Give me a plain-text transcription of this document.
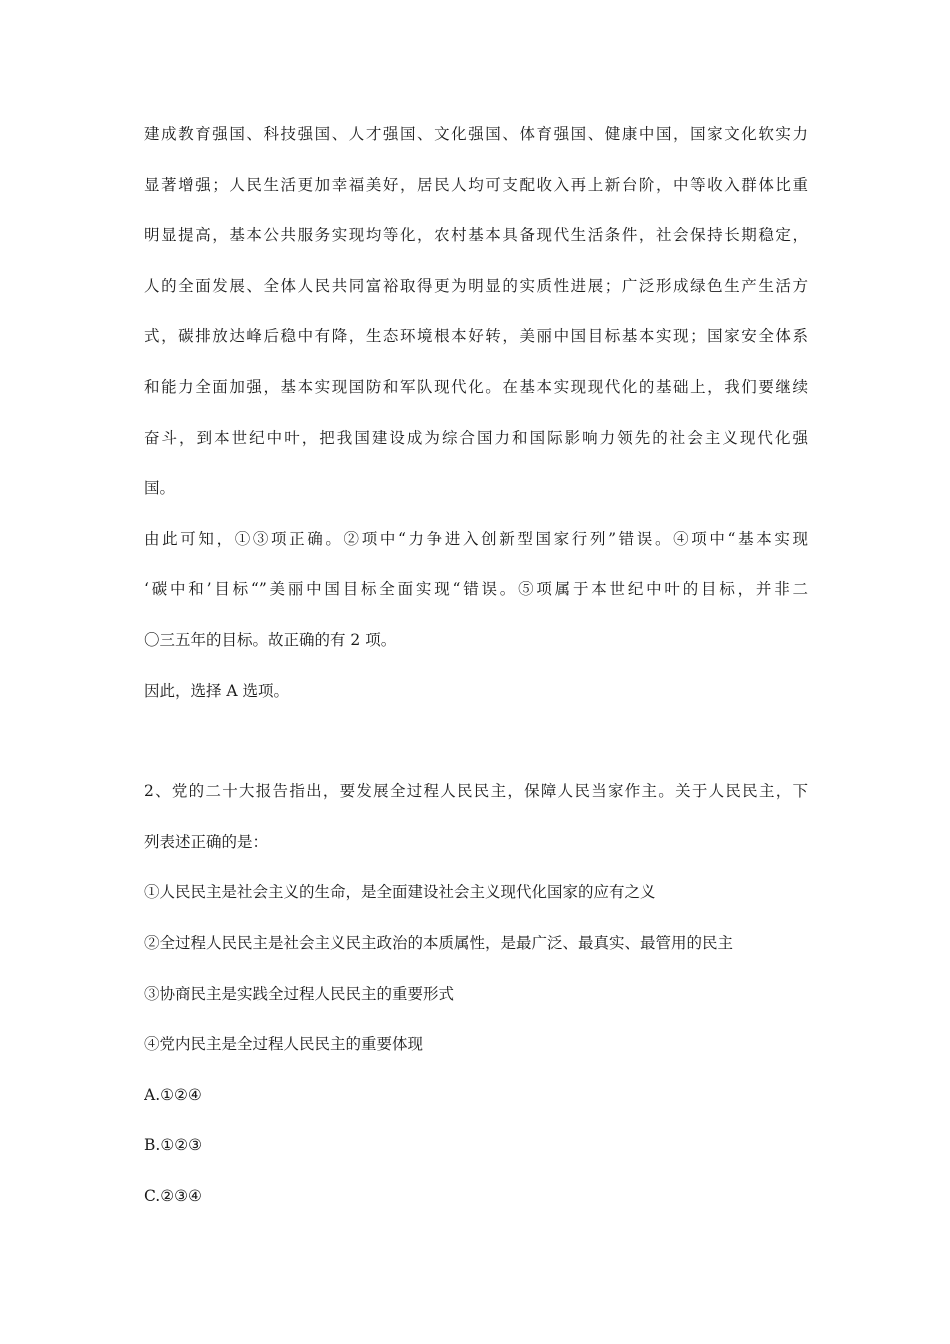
建成教育强国、科技强国、人才强国、文化强国、体育强国、健康中国，国家文化软实力
显著增强；人民生活更加幸福美好，居民人均可支配收入再上新台阶，中等收入群体比重
明显提高，基本公共服务实现均等化，农村基本具备现代生活条件，社会保持长期稳定，
人的全面发展、全体人民共同富裕取得更为明显的实质性进展；广泛形成绿色生产生活方
式，碳排放达峰后稳中有降，生态环境根本好转，美丽中国目标基本实现；国家安全体系
和能力全面加强，基本实现国防和军队现代化。在基本实现现代化的基础上，我们要继续
奋斗，到本世纪中叶，把我国建设成为综合国力和国际影响力领先的社会主义现代化强
国。
由此可知，①③项正确。②项中“力争进入创新型国家行列”错误。④项中“基本实现
‘碳中和’目标“”美丽中国目标全面实现“错误。⑤项属于本世纪中叶的目标，并非二
〇三五年的目标。故正确的有 2 项。
因此，选择 A 选项。
2、党的二十大报告指出，要发展全过程人民民主，保障人民当家作主。关于人民民主，下
列表述正确的是：
①人民民主是社会主义的生命，是全面建设社会主义现代化国家的应有之义
②全过程人民民主是社会主义民主政治的本质属性，是最广泛、最真实、最管用的民主
③协商民主是实践全过程人民民主的重要形式
④党内民主是全过程人民民主的重要体现
A.①②④
B.①②③
C.②③④
